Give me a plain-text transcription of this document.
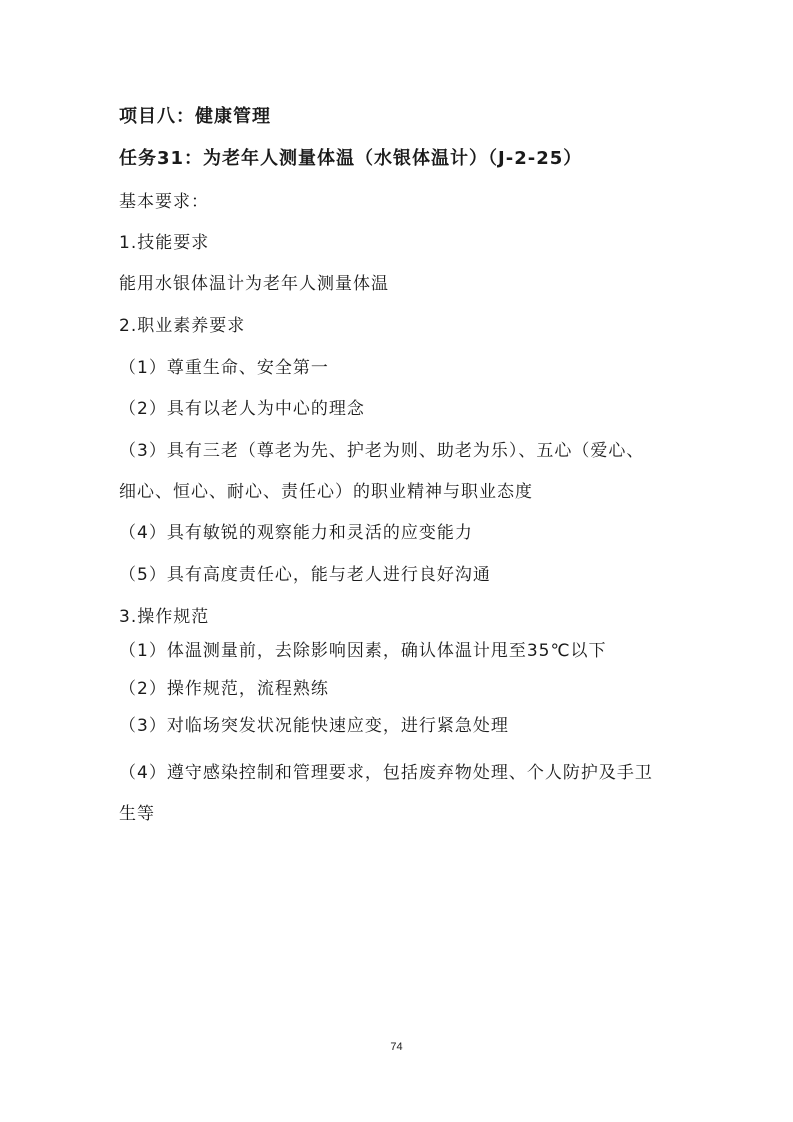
项目八：健康管理
任务31：为老年人测量体温（水银体温计）（J-2-25）
基本要求：
1.技能要求
能用水银体温计为老年人测量体温
2.职业素养要求
（1）尊重生命、安全第一
（2）具有以老人为中心的理念
（3）具有三老（尊老为先、护老为则、助老为乐）、五心（爱心、
细心、恒心、耐心、责任心）的职业精神与职业态度
（4）具有敏锐的观察能力和灵活的应变能力
（5）具有高度责任心，能与老人进行良好沟通
3.操作规范
（1）体温测量前，去除影响因素，确认体温计甩至35℃以下
（2）操作规范，流程熟练
（3）对临场突发状况能快速应变，进行紧急处理
（4）遵守感染控制和管理要求，包括废弃物处理、个人防护及手卫
生等
74
